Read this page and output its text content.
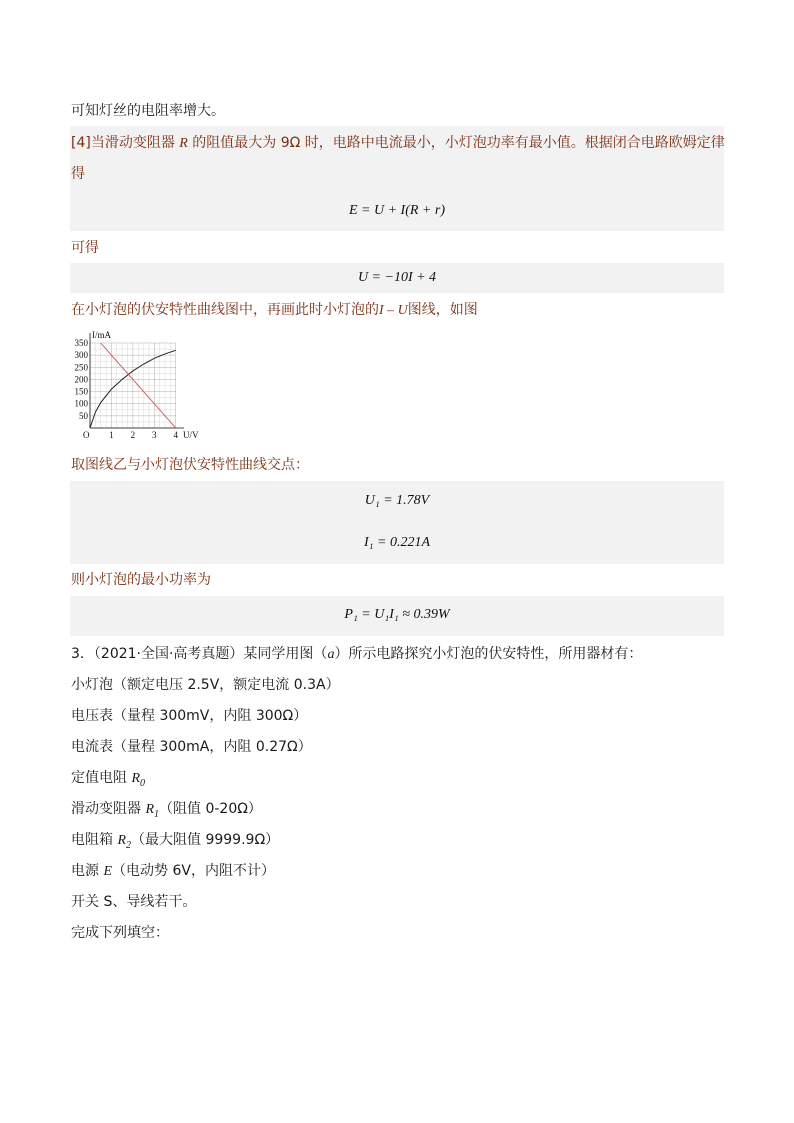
可知灯丝的电阻率增大。
[4]当滑动变阻器 R 的阻值最大为 9Ω 时，电路中电流最小，小灯泡功率有最小值。根据闭合电路欧姆定律
得
E = U + I(R + r)
可得
U = −10I + 4
在小灯泡的伏安特性曲线图中，再画此时小灯泡的I – U图线，如图
350
300
250
200
150
100
50
1 2 3 4
I/mA
U/V
O
取图线乙与小灯泡伏安特性曲线交点：
U₁ = 1.78V
I₁ = 0.221A
则小灯泡的最小功率为
P₁ = U₁I₁ ≈ 0.39W
3．（2021·全国·高考真题）某同学用图（a）所示电路探究小灯泡的伏安特性，所用器材有：
小灯泡（额定电压 2.5V，额定电流 0.3A）
电压表（量程 300mV，内阻 300Ω）
电流表（量程 300mA，内阻 0.27Ω）
定值电阻 $R_0$
滑动变阻器 $R_1$（阻值 0-20Ω）
电阻箱 $R_2$（最大阻值 9999.9Ω）
电源 E（电动势 6V，内阻不计）
开关 S、导线若干。
完成下列填空：
